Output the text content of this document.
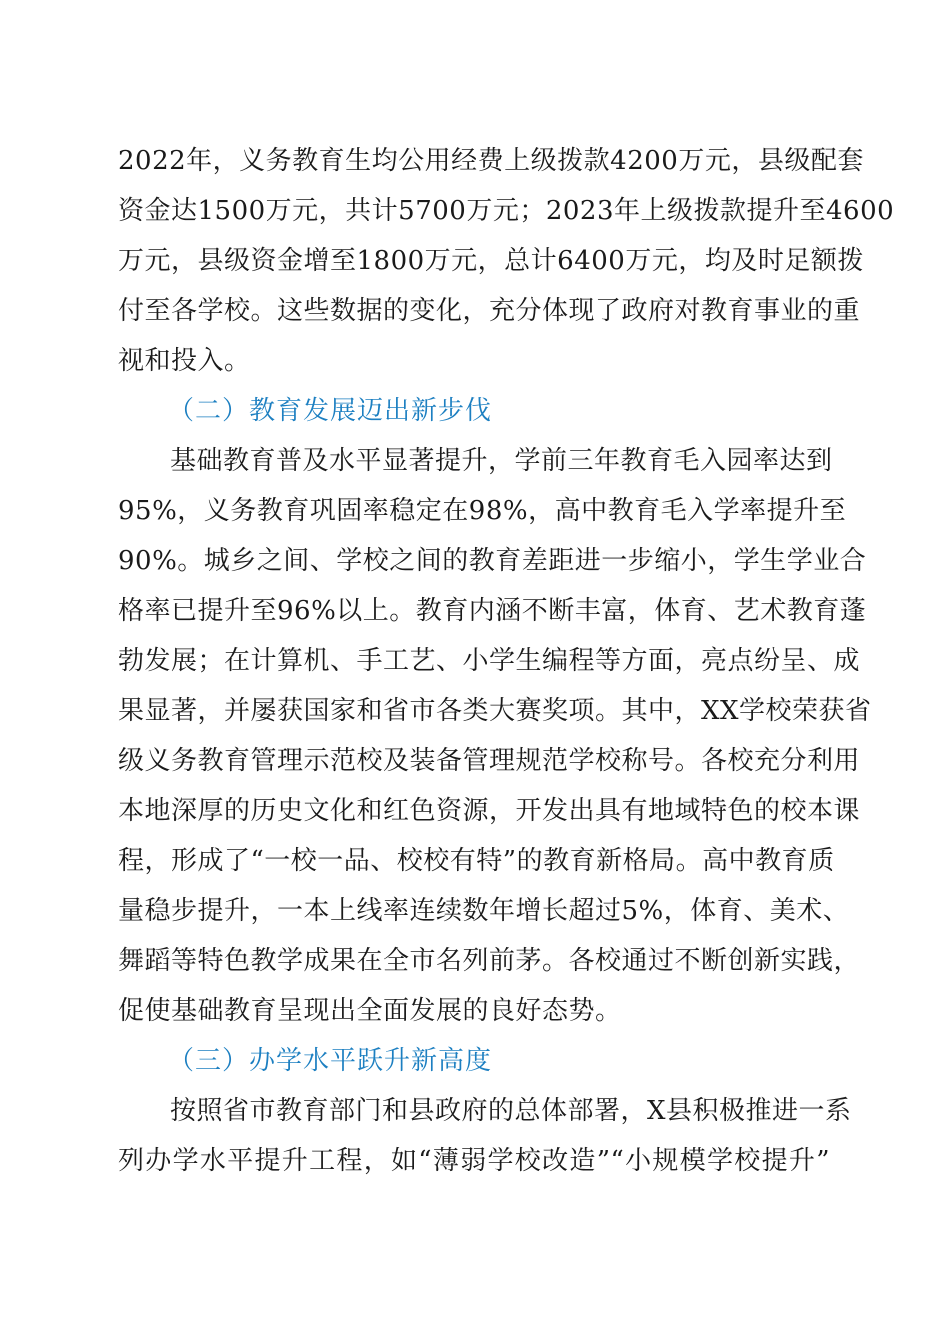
2022年，义务教育生均公用经费上级拨款4200万元，县级配套
资金达1500万元，共计5700万元；2023年上级拨款提升至4600
万元，县级资金增至1800万元，总计6400万元，均及时足额拨
付至各学校。这些数据的变化，充分体现了政府对教育事业的重
视和投入。
（二）教育发展迈出新步伐
基础教育普及水平显著提升，学前三年教育毛入园率达到
95%，义务教育巩固率稳定在98%，高中教育毛入学率提升至
90%。城乡之间、学校之间的教育差距进一步缩小，学生学业合
格率已提升至96%以上。教育内涵不断丰富，体育、艺术教育蓬
勃发展；在计算机、手工艺、小学生编程等方面，亮点纷呈、成
果显著，并屡获国家和省市各类大赛奖项。其中，XX学校荣获省
级义务教育管理示范校及装备管理规范学校称号。各校充分利用
本地深厚的历史文化和红色资源，开发出具有地域特色的校本课
程，形成了“一校一品、校校有特”的教育新格局。高中教育质
量稳步提升，一本上线率连续数年增长超过5%，体育、美术、
舞蹈等特色教学成果在全市名列前茅。各校通过不断创新实践，
促使基础教育呈现出全面发展的良好态势。
（三）办学水平跃升新高度
按照省市教育部门和县政府的总体部署，X县积极推进一系
列办学水平提升工程，如“薄弱学校改造”“小规模学校提升”
